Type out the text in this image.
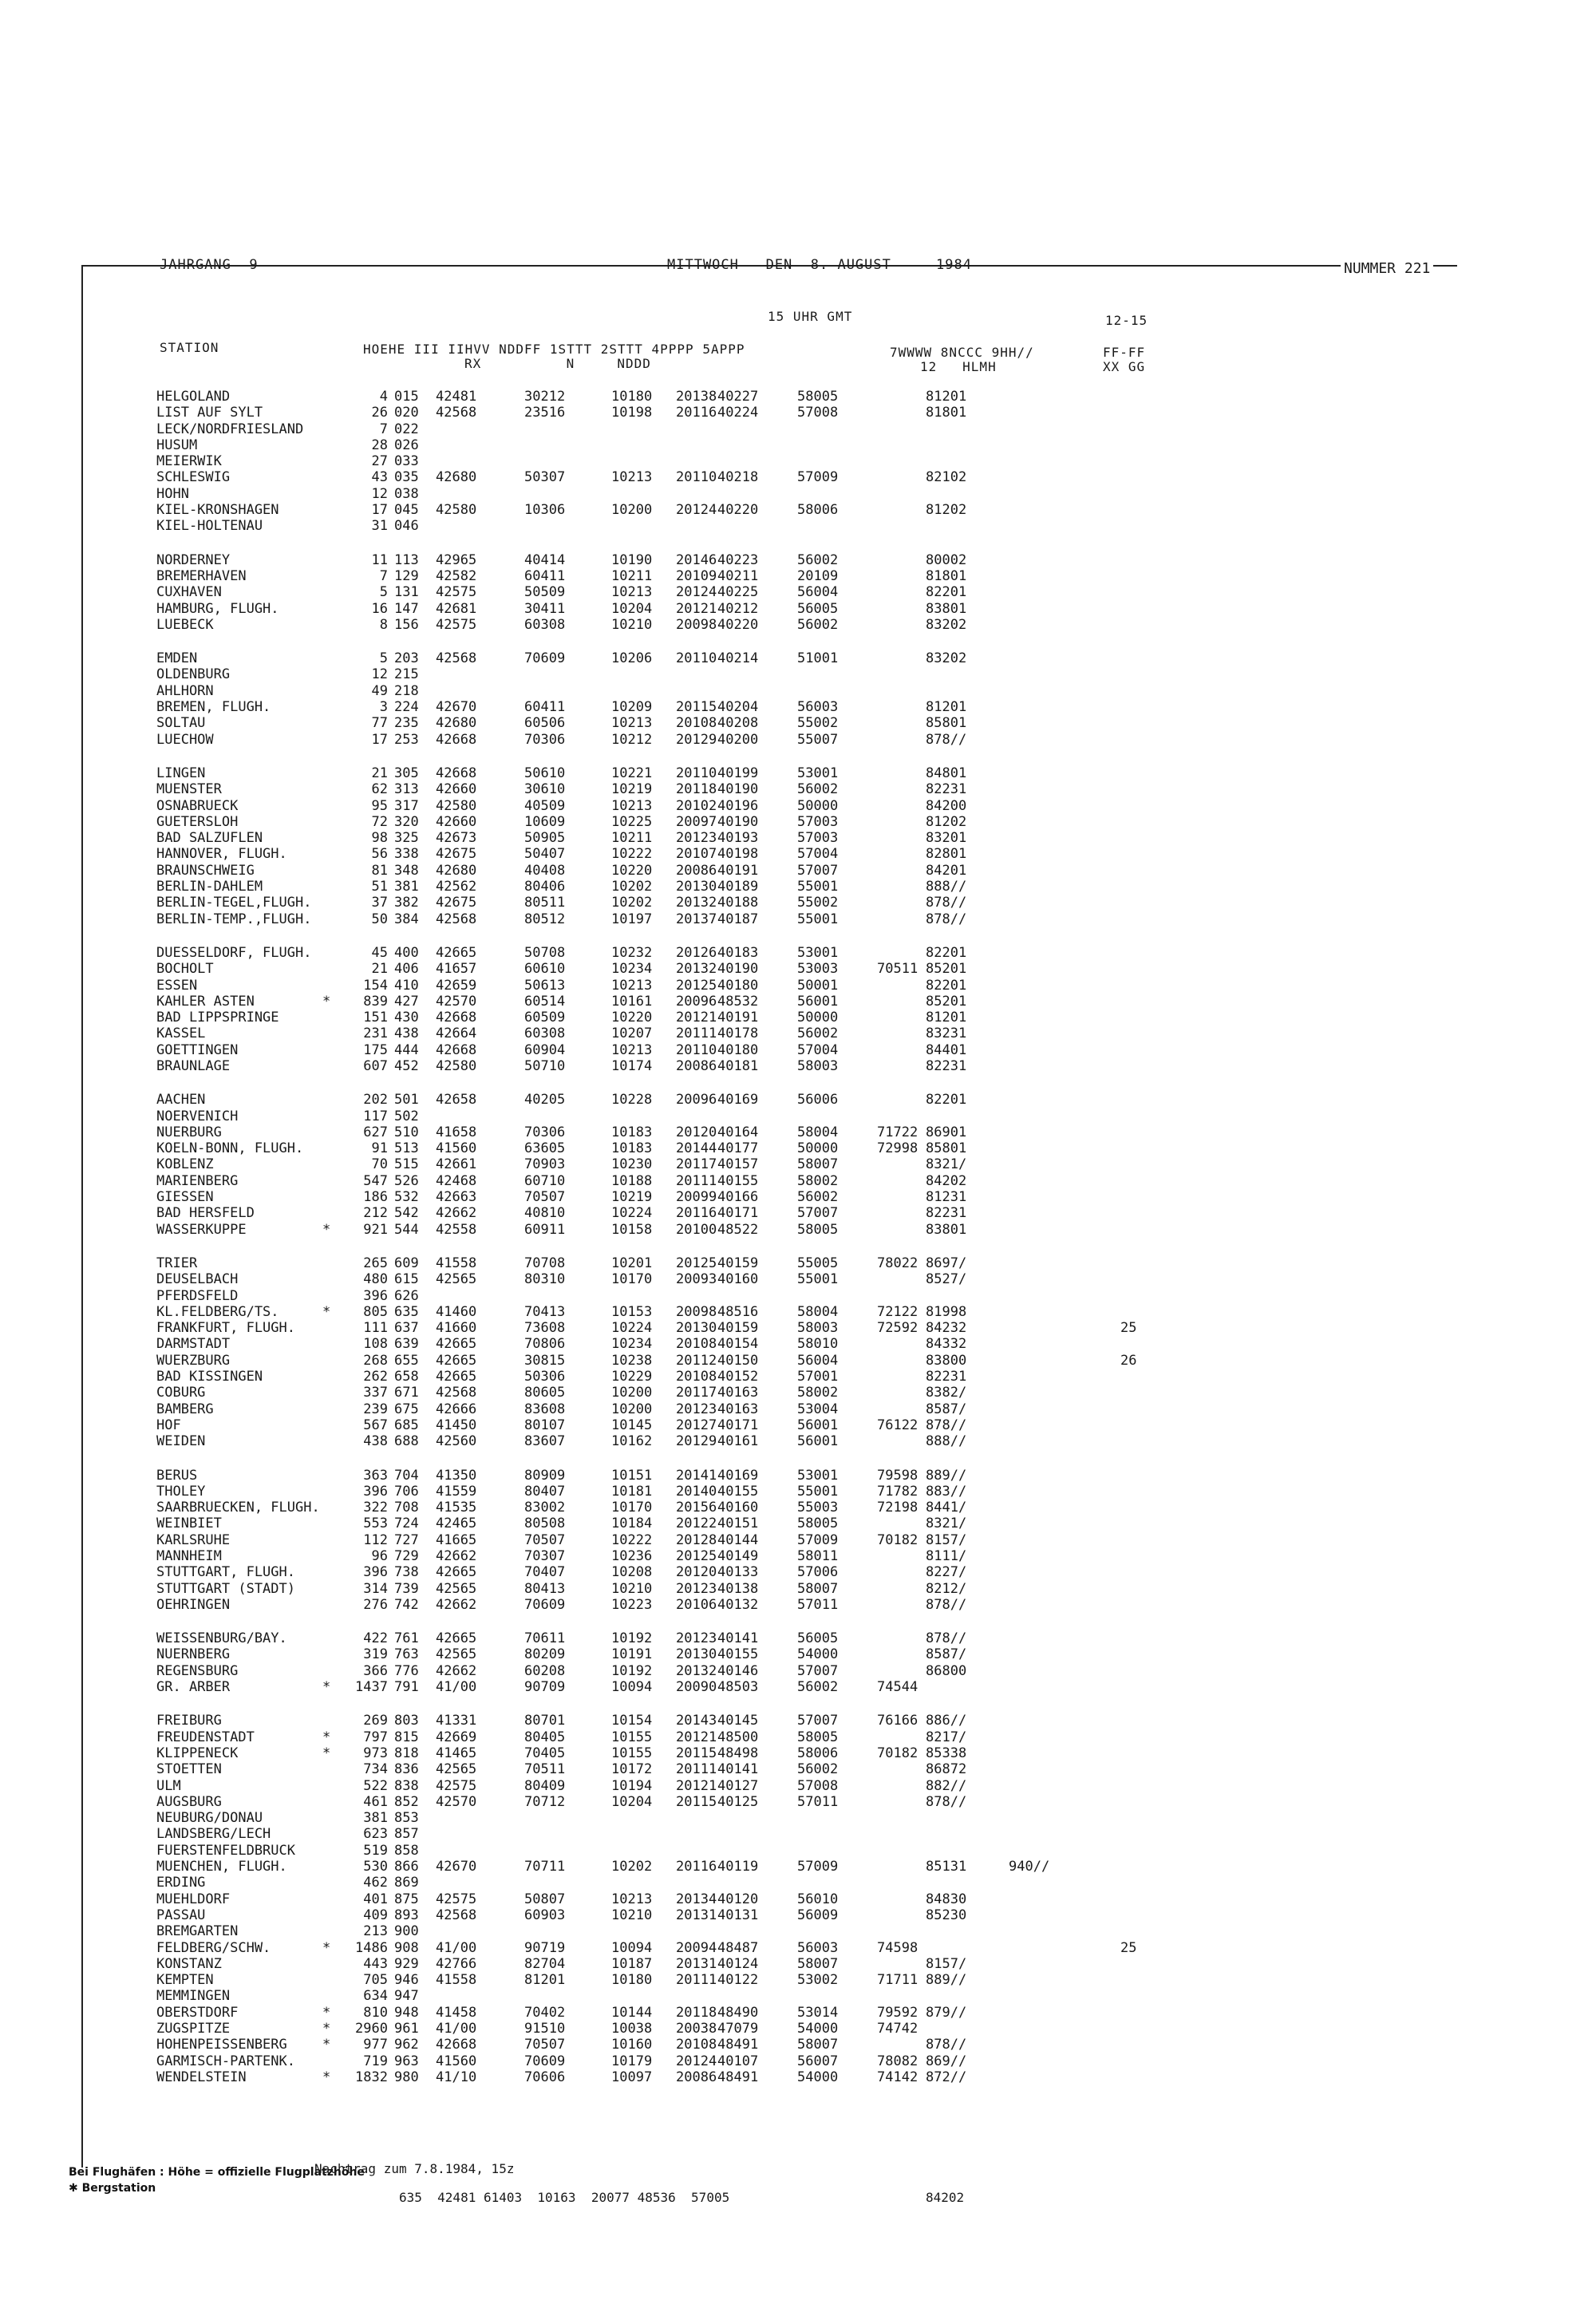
JAHRGANG  9	MITTWOCH   DEN  8. AUGUST     1984	NUMMER 221
15 UHR GMT	12-15
STATION	HOEHE III IIHVV NDDFF 1STTT 2STTT 4PPPP 5APPP
RX          N     NDDD
7WWWW 8NCCC 9HH//
12   HLMH
FF-FF
XX GG
HELGOLAND	4 015 42481	30212	10180 20138 40227	58005	81201
LIST AUF SYLT	26 020 42568	23516	10198 20116 40224	57008	81801
LECK/NORDFRIESLAND	7 022
HUSUM	28 026
MEIERWIK	27 033
SCHLESWIG	43 035 42680	50307	10213 20110 40218	57009	82102
HOHN	12 038
KIEL-KRONSHAGEN	17 045 42580	10306	10200 20124 40220	58006	81202
KIEL-HOLTENAU	31 046
NORDERNEY	11 113 42965	40414	10190 20146 40223	56002	80002
BREMERHAVEN	7 129 42582	60411	10211 20109 40211	20109	81801
CUXHAVEN	5 131 42575	50509	10213 20124 40225	56004	82201
HAMBURG, FLUGH.	16 147 42681	30411	10204 20121 40212	56005	83801
LUEBECK	8 156 42575	60308	10210 20098 40220	56002	83202
EMDEN	5 203 42568	70609	10206 20110 40214	51001	83202
OLDENBURG	12 215
AHLHORN	49 218
BREMEN, FLUGH.	3 224 42670	60411	10209 20115 40204	56003	81201
SOLTAU	77 235 42680	60506	10213 20108 40208	55002	85801
LUECHOW	17 253 42668	70306	10212 20129 40200	55007	878//
LINGEN	21 305 42668	50610	10221 20110 40199	53001	84801
MUENSTER	62 313 42660	30610	10219 20118 40190	56002	82231
OSNABRUECK	95 317 42580	40509	10213 20102 40196	50000	84200
GUETERSLOH	72 320 42660	10609	10225 20097 40190	57003	81202
BAD SALZUFLEN	98 325 42673	50905	10211 20123 40193	57003	83201
HANNOVER, FLUGH.	56 338 42675	50407	10222 20107 40198	57004	82801
BRAUNSCHWEIG	81 348 42680	40408	10220 20086 40191	57007	84201
BERLIN-DAHLEM	51 381 42562	80406	10202 20130 40189	55001	888//
BERLIN-TEGEL,FLUGH.	37 382 42675	80511	10202 20132 40188	55002	878//
BERLIN-TEMP.,FLUGH.	50 384 42568	80512	10197 20137 40187	55001	878//
DUESSELDORF, FLUGH.	45 400 42665	50708	10232 20126 40183	53001	82201
BOCHOLT	21 406 41657	60610	10234 20132 40190	53003	70511 85201
ESSEN	154 410 42659	50613	10213 20125 40180	50001	82201
KAHLER ASTEN	*	839 427 42570	60514	10161 20096 48532	56001	85201
BAD LIPPSPRINGE	151 430 42668	60509	10220 20121 40191	50000	81201
KASSEL	231 438 42664	60308	10207 20111 40178	56002	83231
GOETTINGEN	175 444 42668	60904	10213 20110 40180	57004	84401
BRAUNLAGE	607 452 42580	50710	10174 20086 40181	58003	82231
AACHEN	202 501 42658	40205	10228 20096 40169	56006	82201
NOERVENICH	117 502
NUERBURG	627 510 41658	70306	10183 20120 40164	58004	71722 86901
KOELN-BONN, FLUGH.	91 513 41560	63605	10183 20144 40177	50000	72998 85801
KOBLENZ	70 515 42661	70903	10230 20117 40157	58007	8321/
MARIENBERG	547 526 42468	60710	10188 20111 40155	58002	84202
GIESSEN	186 532 42663	70507	10219 20099 40166	56002	81231
BAD HERSFELD	212 542 42662	40810	10224 20116 40171	57007	82231
WASSERKUPPE	*	921 544 42558	60911	10158 20100 48522	58005	83801
TRIER	265 609 41558	70708	10201 20125 40159	55005	78022 8697/
DEUSELBACH	480 615 42565	80310	10170 20093 40160	55001	8527/
PFERDSFELD	396 626
KL.FELDBERG/TS.	*	805 635 41460	70413	10153 20098 48516	58004	72122 81998
FRANKFURT, FLUGH.	111 637 41660	73608	10224 20130 40159	58003	72592 84232	25
DARMSTADT	108 639 42665	70806	10234 20108 40154	58010	84332
WUERZBURG	268 655 42665	30815	10238 20112 40150	56004	83800	26
BAD KISSINGEN	262 658 42665	50306	10229 20108 40152	57001	82231
COBURG	337 671 42568	80605	10200 20117 40163	58002	8382/
BAMBERG	239 675 42666	83608	10200 20123 40163	53004	8587/
HOF	567 685 41450	80107	10145 20127 40171	56001	76122 878//
WEIDEN	438 688 42560	83607	10162 20129 40161	56001	888//
BERUS	363 704 41350	80909	10151 20141 40169	53001	79598 889//
THOLEY	396 706 41559	80407	10181 20140 40155	55001	71782 883//
SAARBRUECKEN, FLUGH.	322 708 41535	83002	10170 20156 40160	55003	72198 8441/
WEINBIET	553 724 42465	80508	10184 20122 40151	58005	8321/
KARLSRUHE	112 727 41665	70507	10222 20128 40144	57009	70182 8157/
MANNHEIM	96 729 42662	70307	10236 20125 40149	58011	8111/
STUTTGART, FLUGH.	396 738 42665	70407	10208 20120 40133	57006	8227/
STUTTGART (STADT)	314 739 42565	80413	10210 20123 40138	58007	8212/
OEHRINGEN	276 742 42662	70609	10223 20106 40132	57011	878//
WEISSENBURG/BAY.	422 761 42665	70611	10192 20123 40141	56005	878//
NUERNBERG	319 763 42565	80209	10191 20130 40155	54000	8587/
REGENSBURG	366 776 42662	60208	10192 20132 40146	57007	86800
GR. ARBER	*	1437 791 41/00	90709	10094 20090 48503	56002	74544
FREIBURG	269 803 41331	80701	10154 20143 40145	57007	76166 886//
FREUDENSTADT	*	797 815 42669	80405	10155 20121 48500	58005	8217/
KLIPPENECK	*	973 818 41465	70405	10155 20115 48498	58006	70182 85338
STOETTEN	734 836 42565	70511	10172 20111 40141	56002	86872
ULM	522 838 42575	80409	10194 20121 40127	57008	882//
AUGSBURG	461 852 42570	70712	10204 20115 40125	57011	878//
NEUBURG/DONAU	381 853
LANDSBERG/LECH	623 857
FUERSTENFELDBRUCK	519 858
MUENCHEN, FLUGH.	530 866 42670	70711	10202 20116 40119	57009	85131	940//
ERDING	462 869
MUEHLDORF	401 875 42575	50807	10213 20134 40120	56010	84830
PASSAU	409 893 42568	60903	10210 20131 40131	56009	85230
BREMGARTEN	213 900
FELDBERG/SCHW.	*	1486 908 41/00	90719	10094 20094 48487	56003	74598	25
KONSTANZ	443 929 42766	82704	10187 20131 40124	58007	8157/
KEMPTEN	705 946 41558	81201	10180 20111 40122	53002	71711 889//
MEMMINGEN	634 947
OBERSTDORF	*	810 948 41458	70402	10144 20118 48490	53014	79592 879//
ZUGSPITZE	*	2960 961 41/00	91510	10038 20038 47079	54000	74742
HOHENPEISSENBERG	*	977 962 42668	70507	10160 20108 48491	58007	878//
GARMISCH-PARTENK.	719 963 41560	70609	10179 20124 40107	56007	78082 869//
WENDELSTEIN	*	1832 980 41/10	70606	10097 20086 48491	54000	74142 872//
Bei Flughäfen : Höhe = offizielle Flugplatzhöhe
✱ Bergstation
Nachtrag zum 7.8.1984, 15z
635  42481 61403  10163  20077 48536  57005	84202
